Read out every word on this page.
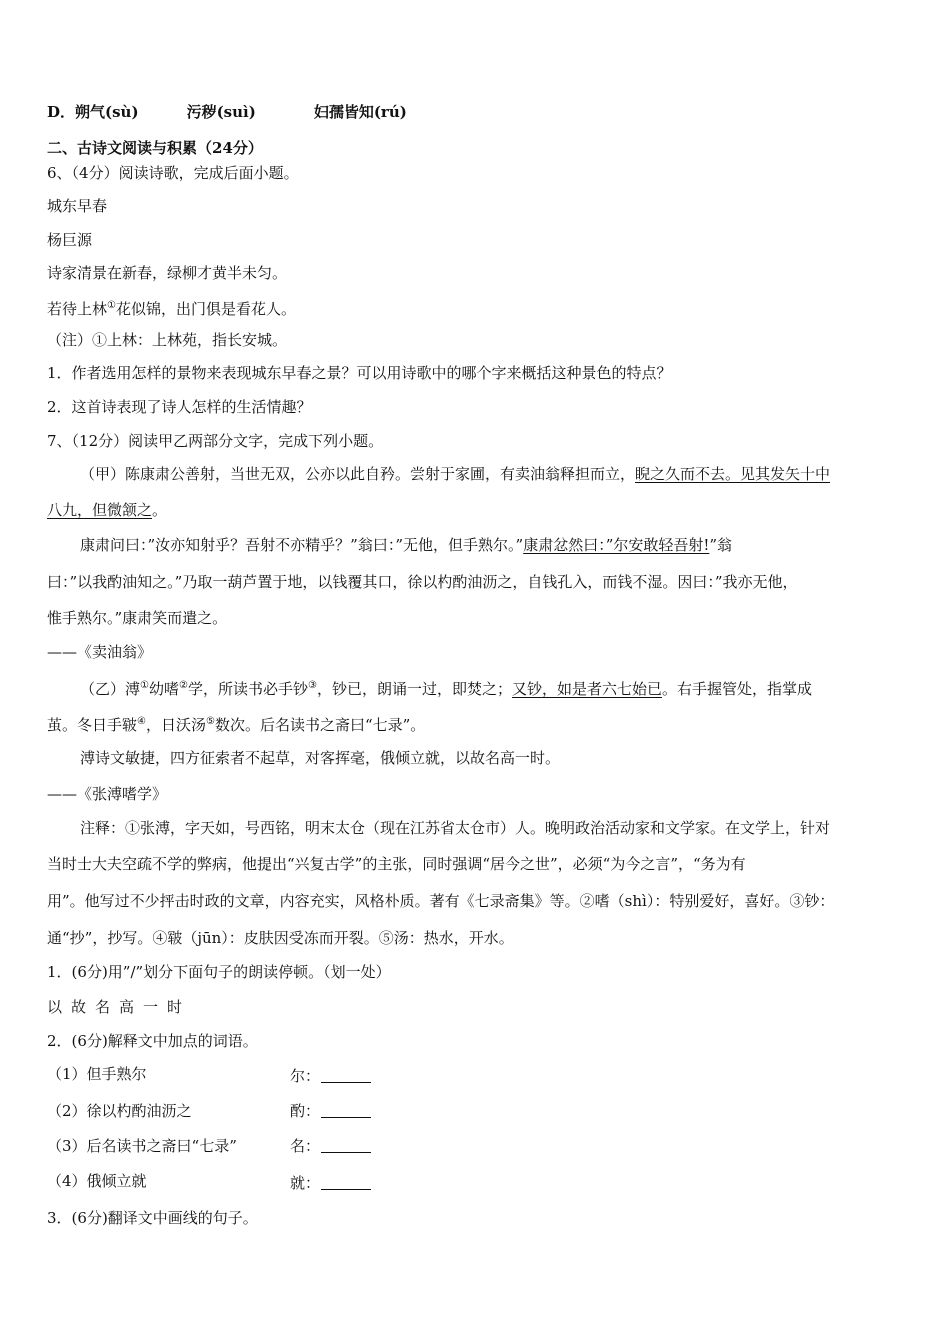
D．朔气(sù)	污秽(suì)	妇孺皆知(rú)
二、古诗文阅读与积累（24分）
6、（4分）阅读诗歌，完成后面小题。
城东早春
杨巨源
诗家清景在新春，绿柳才黄半未匀。
若待上林①花似锦，出门俱是看花人。
（注）①上林：上林苑，指长安城。
1．作者选用怎样的景物来表现城东早春之景？可以用诗歌中的哪个字来概括这种景色的特点？
2．这首诗表现了诗人怎样的生活情趣？
7、（12分）阅读甲乙两部分文字，完成下列小题。
（甲）陈康肃公善射，当世无双，公亦以此自矜。尝射于家圃，有卖油翁释担而立，睨之久而不去。见其发矢十中
八九，但微颔之。
康肃问曰：”汝亦知射乎？吾射不亦精乎？”翁曰：”无他，但手熟尔。”康肃忿然曰：”尔安敢轻吾射!”翁
曰：”以我酌油知之。”乃取一葫芦置于地，以钱覆其口，徐以杓酌油沥之，自钱孔入，而钱不湿。因曰：”我亦无他，
惟手熟尔。”康肃笑而遣之。
——《卖油翁》
（乙）溥①幼嗜②学，所读书必手钞③，钞已，朗诵一过，即焚之；又钞，如是者六七始已。右手握管处，指掌成
茧。冬日手皲④，日沃汤⑤数次。后名读书之斋曰“七录”。
溥诗文敏捷，四方征索者不起草，对客挥毫，俄倾立就，以故名高一时。
——《张溥嗜学》
注释：①张溥，字天如，号西铭，明末太仓（现在江苏省太仓市）人。晚明政治活动家和文学家。在文学上，针对
当时士大夫空疏不学的弊病，他提出“兴复古学”的主张，同时强调“居今之世”，必须“为今之言”，“务为有
用”。他写过不少抨击时政的文章，内容充实，风格朴质。著有《七录斋集》等。②嗜（shì）：特别爱好，喜好。③钞：
通“抄”，抄写。④皲（jūn）：皮肤因受冻而开裂。⑤汤：热水，开水。
1．(6分)用”/”划分下面句子的朗读停顿。（划一处）
以故名高一时
2．(6分)解释文中加点的词语。
（1）但手熟尔	尔：
（2）徐以杓酌油沥之	酌：
（3）后名读书之斋曰“七录”	名：
（4）俄倾立就	就：
3．(6分)翻译文中画线的句子。
